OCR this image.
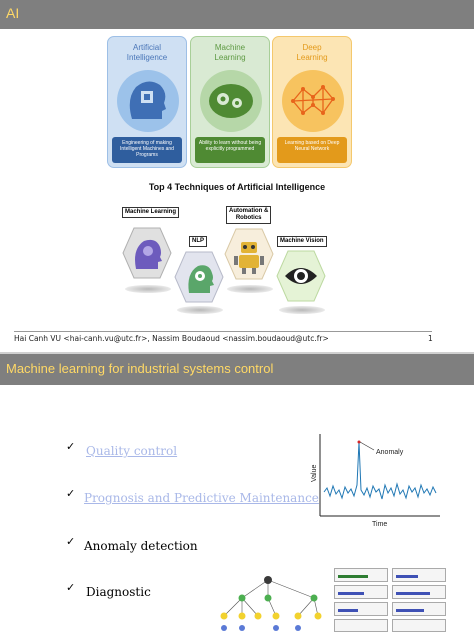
AI
Artificial
Intelligence
Engineering of making Intelligent Machines and Programs
Machine
Learning
Ability to learn without being explicitly programmed
Deep
Learning
Learning based on Deep Neural Network
Top 4 Techniques of Artificial Intelligence
Machine Learning
NLP
Automation &
Robotics
Machine Vision
Hai Canh VU <hai-canh.vu@utc.fr>, Nassim Boudaoud <nassim.boudaoud@utc.fr>	1
Machine learning for industrial systems control
✓ Quality control
✓ Prognosis and Predictive Maintenance
✓ Anomaly detection
✓ Diagnostic
Anomaly
Time
Value
